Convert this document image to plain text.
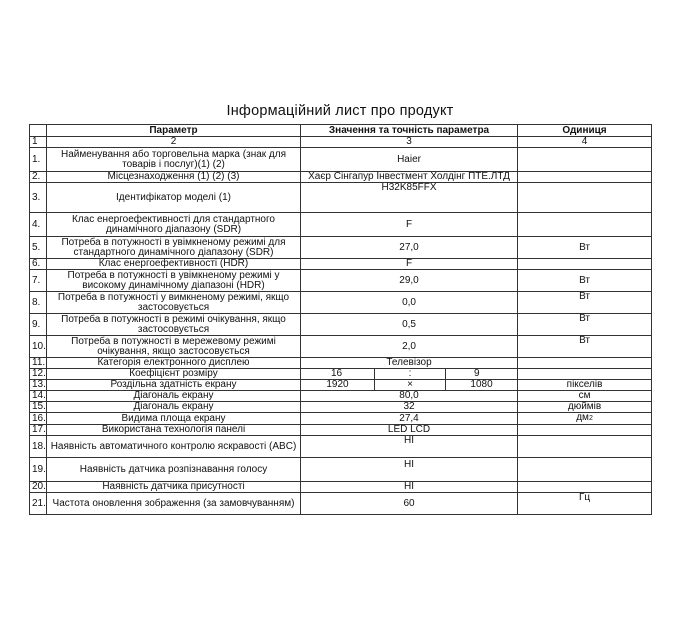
Інформаційний лист про продукт
	Параметр	Значення та точність параметра			Одиниця
1	2	3			4
1.	Найменування або торговельна марка (знак для товарів і послуг)(1) (2)	Haier			
2.	Місцезнаходження (1) (2) (3)	Хаєр Сінгапур Інвестмент Холдінг ПТЕ.ЛТД			
3.	Ідентифікатор моделі (1)	H32K85FFX			
4.	Клас енергоефективності для стандартного динамічного діапазону (SDR)	F			
5.	Потреба в потужності в увімкненому режимі для стандартного динамічного діапазону (SDR)	27,0			Вт
6.	Клас енергоефективності (HDR)	F			
7.	Потреба в потужності в увімкненому режимі у високому динамічному діапазоні (HDR)	29,0			Вт
8.	Потреба в потужності у вимкненому режимі, якщо застосовується	0,0			Вт
9.	Потреба в потужності в режимі очікування, якщо застосовується	0,5			Вт
10.	Потреба в потужності в мережевому режимі очікування, якщо застосовується	2,0			Вт
11.	Категорія електронного дисплею	Телевізор			
12.	Коефіцієнт розміру	16	:	9	
13.	Роздільна здатність екрану	1920	×	1080	пікселів
14.	Діагональ екрану	80,0			см
15.	Діагональ екрану	32			дюймів
16.	Видима площа екрану	27,4			дм2
17.	Використана технологія панелі	LED LCD			
18.	Наявність автоматичного контролю яскравості (ABC)	НІ			
19.	Наявність датчика розпізнавання голосу	НІ			
20.	Наявність датчика присутності	НІ			
21.	Частота оновлення зображення (за замовчуванням)	60			Гц
